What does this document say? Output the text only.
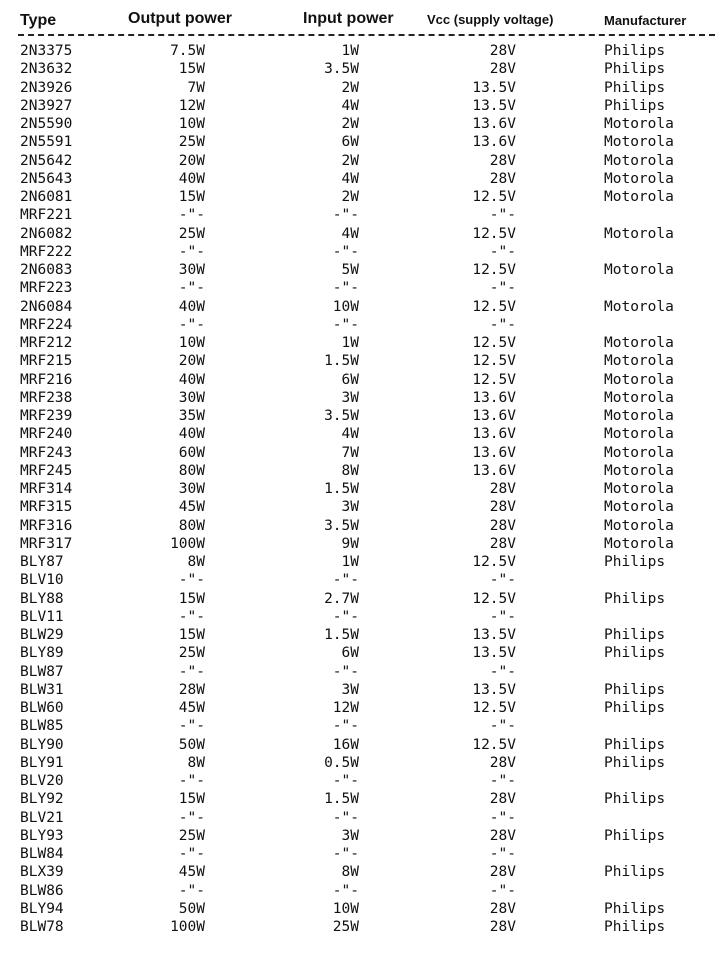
Type	Output power	Input power	Vcc (supply voltage)	Manufacturer
2N3375	7.5W	1W	28V	Philips
2N3632	15W	3.5W	28V	Philips
2N3926	7W	2W	13.5V	Philips
2N3927	12W	4W	13.5V	Philips
2N5590	10W	2W	13.6V	Motorola
2N5591	25W	6W	13.6V	Motorola
2N5642	20W	2W	28V	Motorola
2N5643	40W	4W	28V	Motorola
2N6081	15W	2W	12.5V	Motorola
MRF221	-"-	-"-	-"-
2N6082	25W	4W	12.5V	Motorola
MRF222	-"-	-"-	-"-
2N6083	30W	5W	12.5V	Motorola
MRF223	-"-	-"-	-"-
2N6084	40W	10W	12.5V	Motorola
MRF224	-"-	-"-	-"-
MRF212	10W	1W	12.5V	Motorola
MRF215	20W	1.5W	12.5V	Motorola
MRF216	40W	6W	12.5V	Motorola
MRF238	30W	3W	13.6V	Motorola
MRF239	35W	3.5W	13.6V	Motorola
MRF240	40W	4W	13.6V	Motorola
MRF243	60W	7W	13.6V	Motorola
MRF245	80W	8W	13.6V	Motorola
MRF314	30W	1.5W	28V	Motorola
MRF315	45W	3W	28V	Motorola
MRF316	80W	3.5W	28V	Motorola
MRF317	100W	9W	28V	Motorola
BLY87	8W	1W	12.5V	Philips
BLV10	-"-	-"-	-"-
BLY88	15W	2.7W	12.5V	Philips
BLV11	-"-	-"-	-"-
BLW29	15W	1.5W	13.5V	Philips
BLY89	25W	6W	13.5V	Philips
BLW87	-"-	-"-	-"-
BLW31	28W	3W	13.5V	Philips
BLW60	45W	12W	12.5V	Philips
BLW85	-"-	-"-	-"-
BLY90	50W	16W	12.5V	Philips
BLY91	8W	0.5W	28V	Philips
BLV20	-"-	-"-	-"-
BLY92	15W	1.5W	28V	Philips
BLV21	-"-	-"-	-"-
BLY93	25W	3W	28V	Philips
BLW84	-"-	-"-	-"-
BLX39	45W	8W	28V	Philips
BLW86	-"-	-"-	-"-
BLY94	50W	10W	28V	Philips
BLW78	100W	25W	28V	Philips
